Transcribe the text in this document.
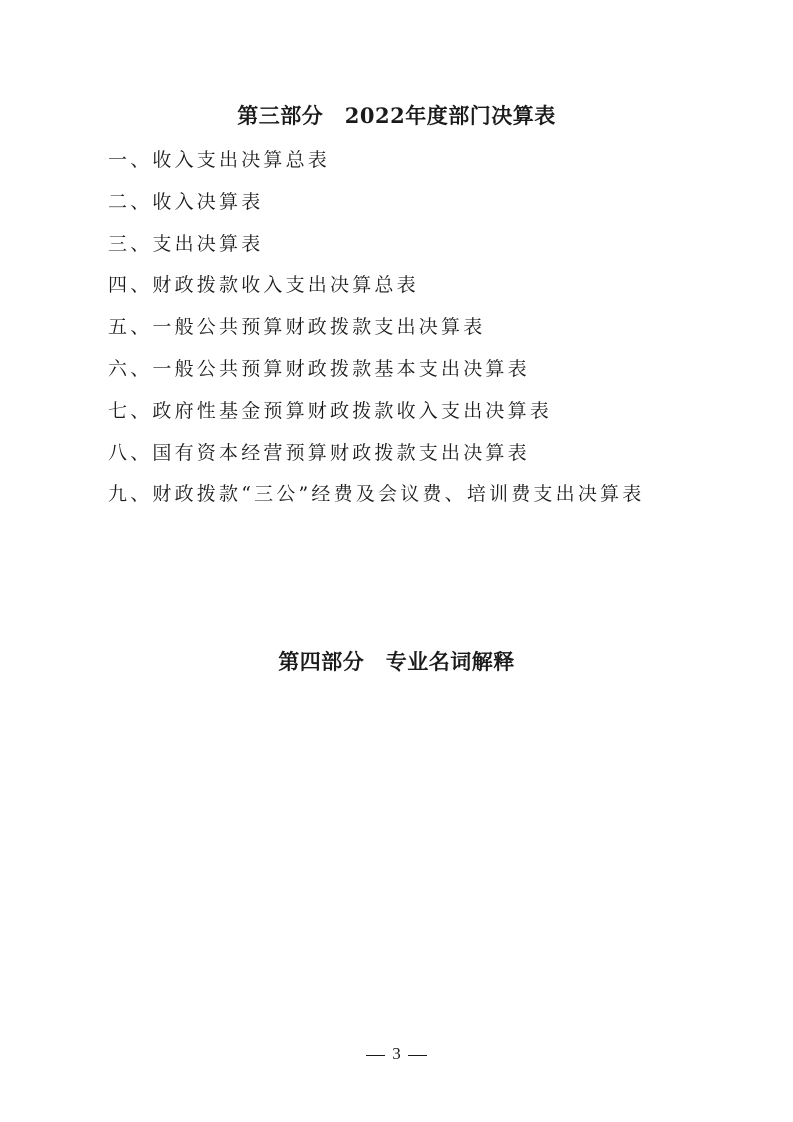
第三部分　2022年度部门决算表
一、收入支出决算总表
二、收入决算表
三、支出决算表
四、财政拨款收入支出决算总表
五、一般公共预算财政拨款支出决算表
六、一般公共预算财政拨款基本支出决算表
七、政府性基金预算财政拨款收入支出决算表
八、国有资本经营预算财政拨款支出决算表
九、财政拨款“三公”经费及会议费、培训费支出决算表
第四部分　专业名词解释
3
